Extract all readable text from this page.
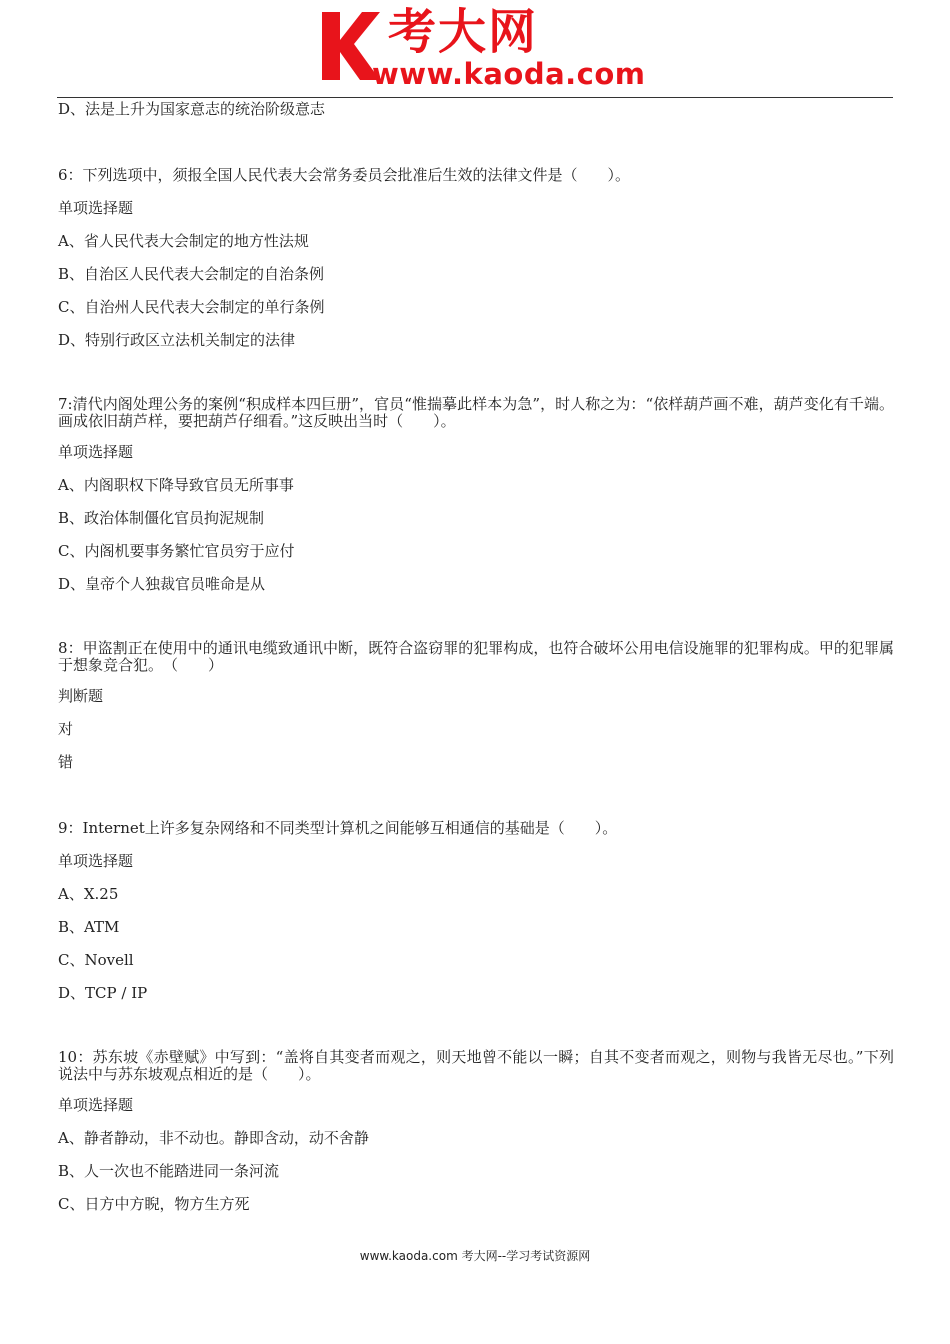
考大网
www.kaoda.com

D、法是上升为国家意志的统治阶级意志

6：下列选项中，须报全国人民代表大会常务委员会批准后生效的法律文件是（　　）。

单项选择题

A、省人民代表大会制定的地方性法规

B、自治区人民代表大会制定的自治条例

C、自治州人民代表大会制定的单行条例

D、特别行政区立法机关制定的法律

7:清代内阁处理公务的案例“积成样本四巨册”，官员“惟揣摹此样本为急”，时人称之为：“依样葫芦画不难，葫芦变化有千端。画成依旧葫芦样，要把葫芦仔细看。”这反映出当时（　　）。

单项选择题

A、内阁职权下降导致官员无所事事

B、政治体制僵化官员拘泥规制

C、内阁机要事务繁忙官员穷于应付

D、皇帝个人独裁官员唯命是从

8：甲盗割正在使用中的通讯电缆致通讯中断，既符合盗窃罪的犯罪构成，也符合破坏公用电信设施罪的犯罪构成。甲的犯罪属于想象竞合犯。　（　　）

判断题

对

错

9：Internet上许多复杂网络和不同类型计算机之间能够互相通信的基础是（　　）。

单项选择题

A、X.25

B、ATM

C、Novell

D、TCP / IP

10：苏东坡《赤壁赋》中写到：“盖将自其变者而观之，则天地曾不能以一瞬；自其不变者而观之，则物与我皆无尽也。”下列说法中与苏东坡观点相近的是（　　）。

单项选择题

A、静者静动，非不动也。静即含动，动不舍静

B、人一次也不能踏进同一条河流

C、日方中方睨，物方生方死

www.kaoda.com 考大网--学习考试资源网
